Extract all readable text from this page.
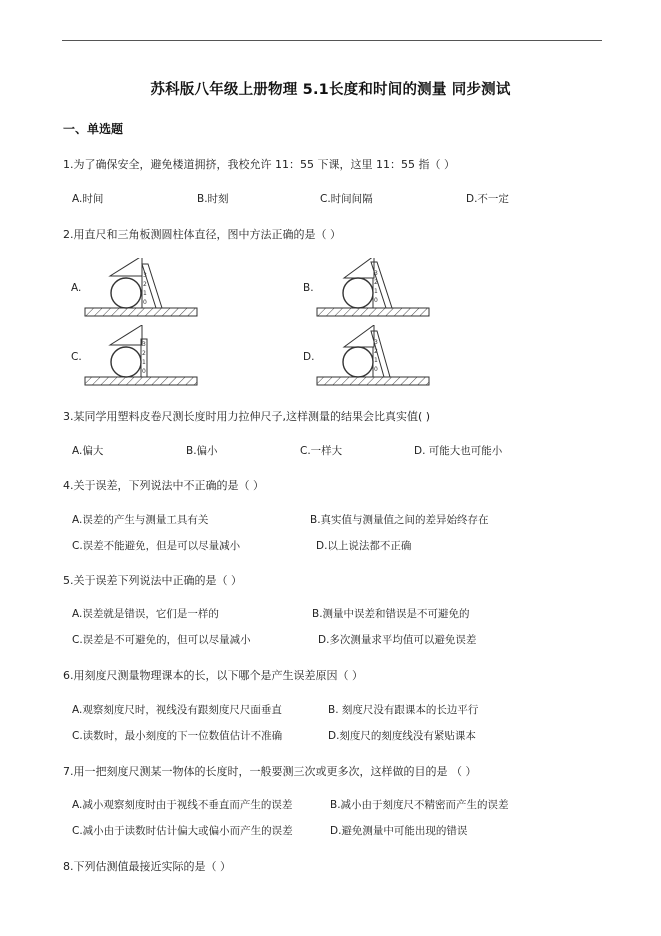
苏科版八年级上册物理 5.1长度和时间的测量 同步测试
一、单选题
1.为了确保安全，避免楼道拥挤，我校允许 11：55 下课，这里 11：55 指（ ）
A.时间	B.时刻	C.时间间隔	D.不一定
2.用直尺和三角板测圆柱体直径，图中方法正确的是（ ）
A.
0
1
2
3
B.
0
1
2
3
C.
0
1
2
3
D.
0
1
2
3
3.某同学用塑料皮卷尺测长度时用力拉伸尺子,这样测量的结果会比真实值( )
A.偏大	B.偏小	C.一样大	D. 可能大也可能小
4.关于误差，下列说法中不正确的是（ ）
A.误差的产生与测量工具有关	B.真实值与测量值之间的差异始终存在
C.误差不能避免，但是可以尽量减小	D.以上说法都不正确
5.关于误差下列说法中正确的是（ ）
A.误差就是错误，它们是一样的	B.测量中误差和错误是不可避免的
C.误差是不可避免的，但可以尽量减小	D.多次测量求平均值可以避免误差
6.用刻度尺测量物理课本的长，以下哪个是产生误差原因（ ）
A.观察刻度尺时，视线没有跟刻度尺尺面垂直	B. 刻度尺没有跟课本的长边平行
C.读数时，最小刻度的下一位数值估计不准确	D.刻度尺的刻度线没有紧贴课本
7.用一把刻度尺测某一物体的长度时，一般要测三次或更多次，这样做的目的是 （ ）
A.减小观察刻度时由于视线不垂直而产生的误差	B.减小由于刻度尺不精密而产生的误差
C.减小由于读数时估计偏大或偏小而产生的误差	D.避免测量中可能出现的错误
8.下列估测值最接近实际的是（ ）
